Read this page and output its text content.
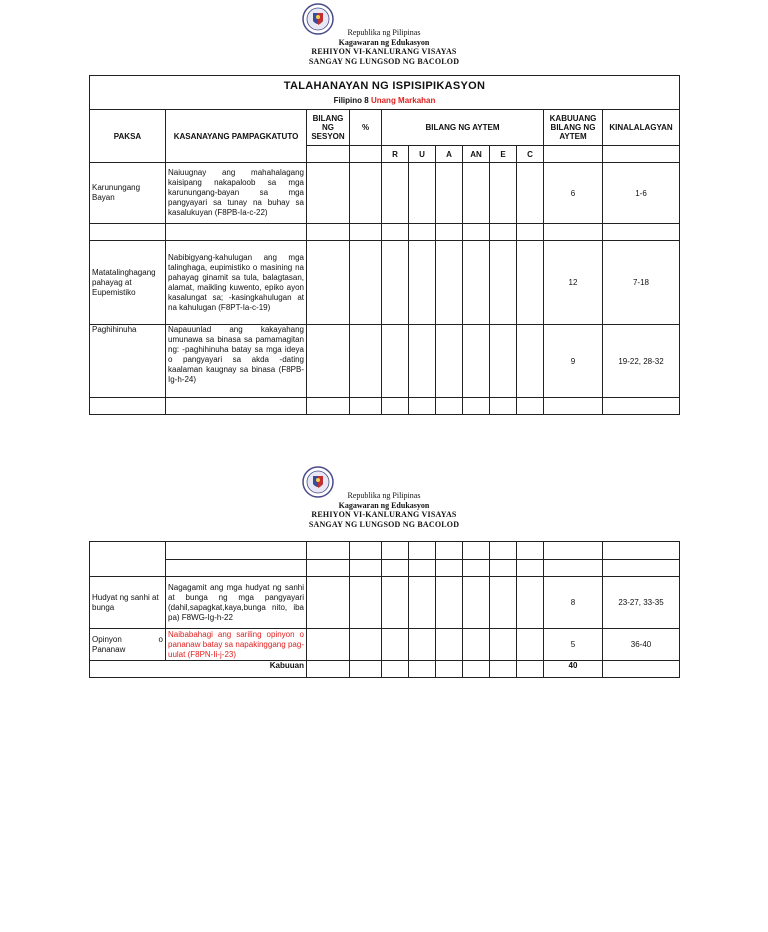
Republika ng Pilipinas
Kagawaran ng Edukasyon
REHIYON VI-KANLURANG VISAYAS
SANGAY NG LUNGSOD NG BACOLOD
TALAHANAYAN NG ISPISIPIKASYON
Filipino 8 Unang Markahan											

PAKSA	KASANAYANG PAMPAGKATUTO	BILANG NG SESYON	%	BILANG NG AYTEM						KABUUANG BILANG NG AYTEM	KINALALAGYAN
				R	U	A	AN	E	C		
Karunungang Bayan	Naiuugnay ang mahahalagang kaisipang nakapaloob sa mga karunungang-bayan sa mga pangyayari sa tunay na buhay sa kasalukuyan (F8PB-Ia-c-22)									6	1-6

Matatalinghagang pahayag at Eupemistiko	Nabibigyang-kahulugan ang mga talinghaga, eupimistiko o masining na pahayag ginamit sa tula, balagtasan, alamat, maikling kuwento, epiko ayon kasalungat sa; -kasingkahulugan at na kahulugan (F8PT-Ia-c-19)									12	7-18
Paghihinuha	Napauunlad ang kakayahang umunawa sa binasa sa pamamagitan ng: -paghihinuha batay sa mga ideya o pangyayari sa akda -dating kaalaman kaugnay sa binasa (F8PB-Ig-h-24)									9	19-22, 28-32

Republika ng Pilipinas
Kagawaran ng Edukasyon
REHIYON VI-KANLURANG VISAYAS
SANGAY NG LUNGSOD NG BACOLOD

Hudyat ng sanhi at bunga	Nagagamit ang mga hudyat ng sanhi at bunga ng mga pangyayari (dahil,sapagkat,kaya,bunga nito, iba pa) F8WG-Ig-h-22									8	23-27, 33-35
Opinyon o Pananaw	Naibabahagi ang sariling opinyon o pananaw batay sa napakinggang pag-uulat (F8PN-Ii-j-23)									5	36-40
	Kabuuan									40	
